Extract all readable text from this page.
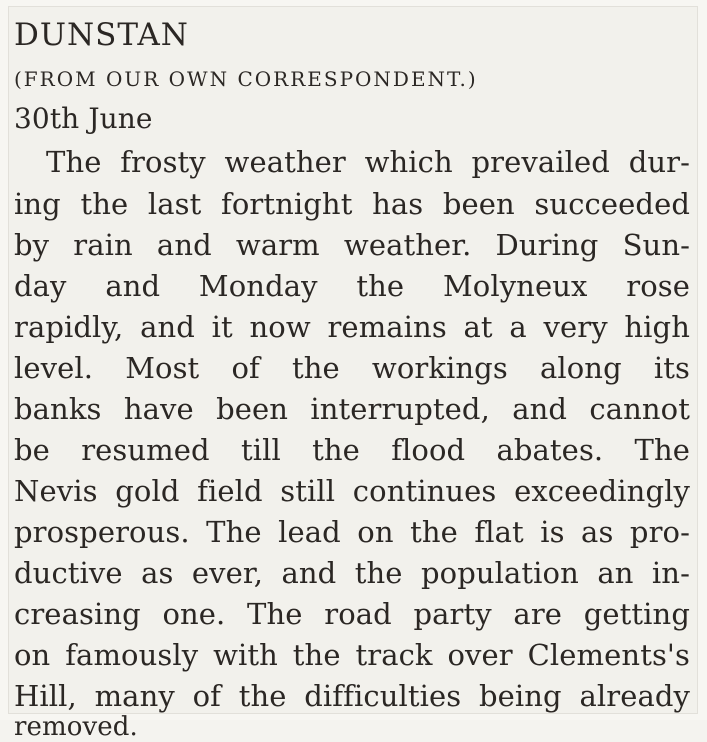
DUNSTAN
(FROM OUR OWN CORRESPONDENT.)
30th June
The frosty weather which prevailed dur-
ing the last fortnight has been succeeded
by rain and warm weather. During Sun-
day and Monday the Molyneux rose
rapidly, and it now remains at a very high
level. Most of the workings along its
banks have been interrupted, and cannot
be resumed till the flood abates. The
Nevis gold field still continues exceedingly
prosperous. The lead on the flat is as pro-
ductive as ever, and the population an in-
creasing one. The road party are getting
on famously with the track over Clements's
Hill, many of the difficulties being already
removed.
